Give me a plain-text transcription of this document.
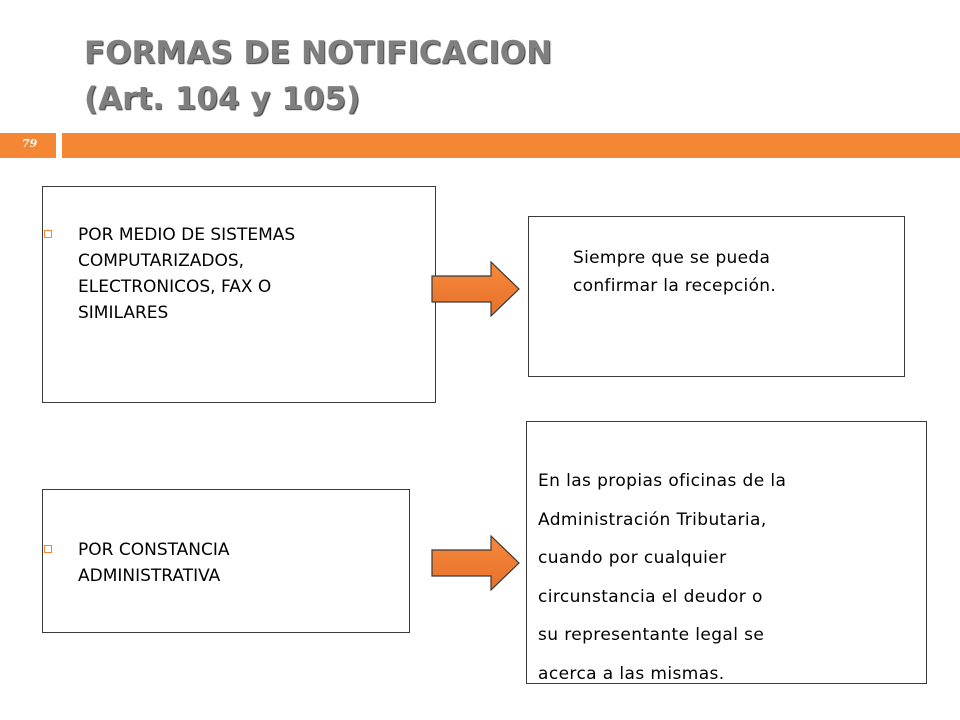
FORMAS DE NOTIFICACION
(Art. 104 y 105)
79
POR MEDIO DE SISTEMAS
COMPUTARIZADOS,
ELECTRONICOS, FAX O
SIMILARES
POR CONSTANCIA
ADMINISTRATIVA
Siempre que se pueda
confirmar la recepción.
En las propias oficinas de la
Administración Tributaria,
cuando por cualquier
circunstancia el deudor o
su representante legal se
acerca a las mismas.
